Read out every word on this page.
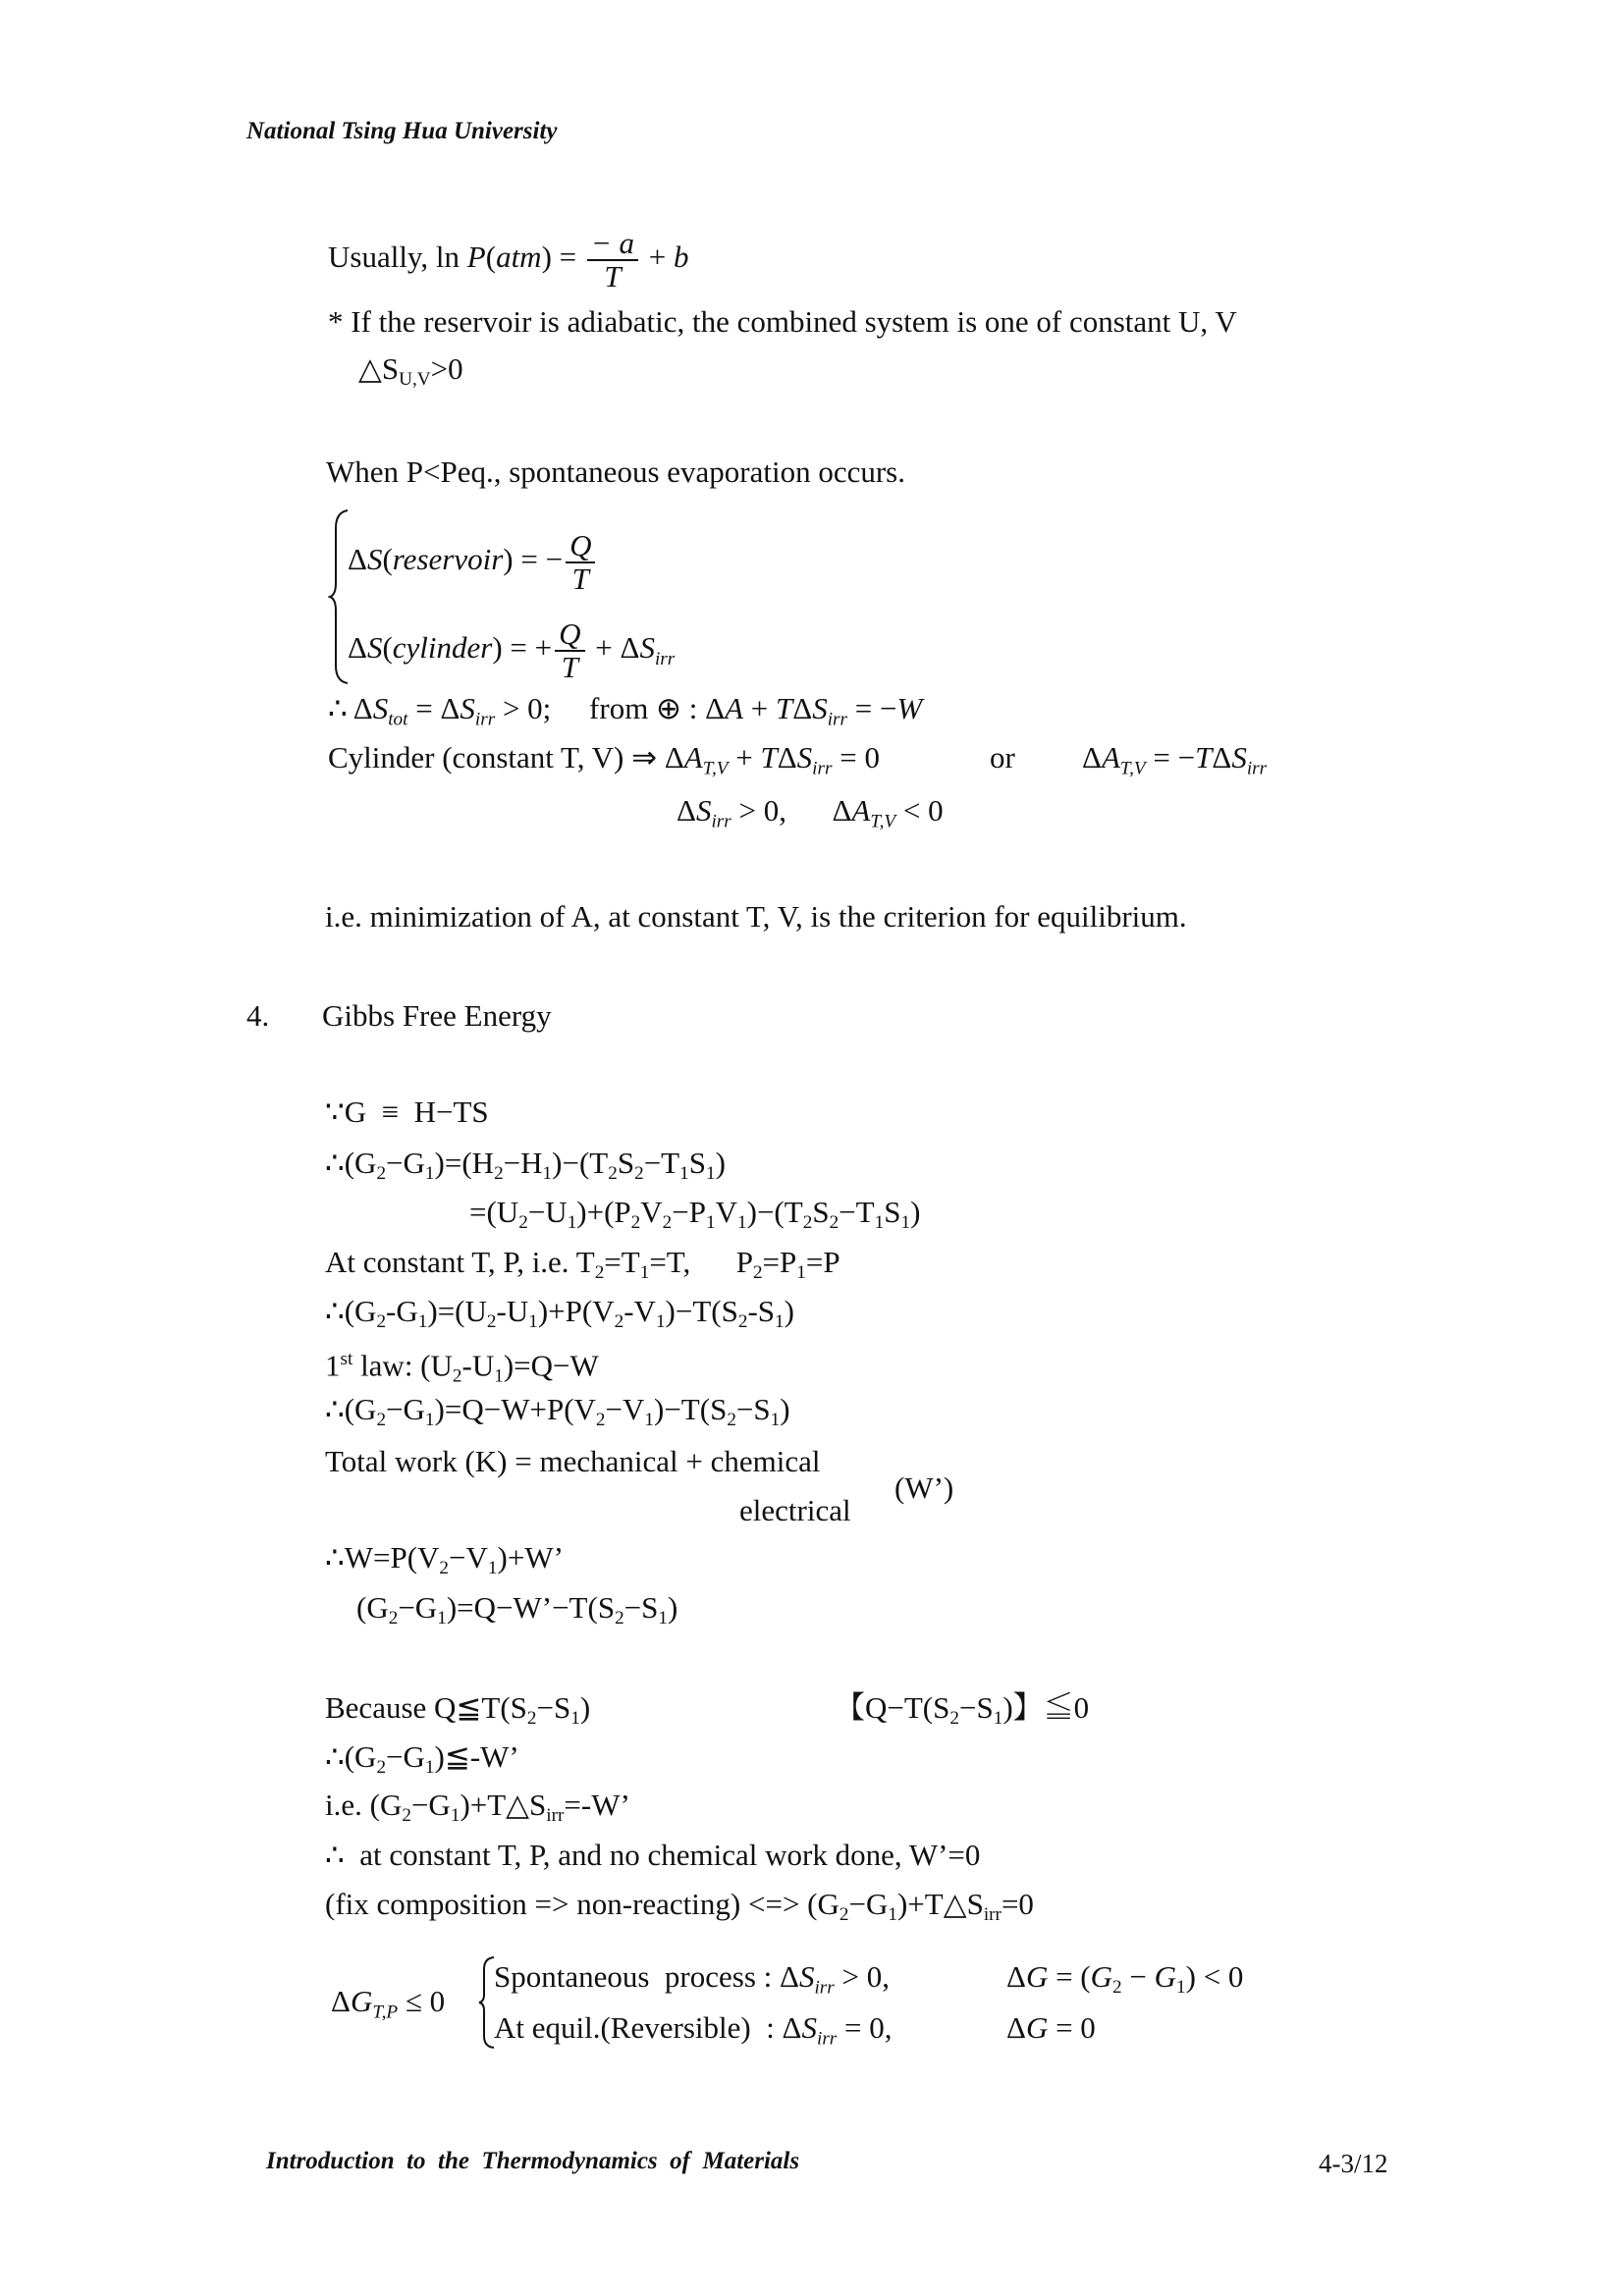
National Tsing Hua University
Usually, $\ln P(atm) = \frac{- a}{T} + b$
* If the reservoir is adiabatic, the combined system is one of constant U, V
$\triangle S_{U,V}>0$
When P<Peq., spontaneous evaporation occurs.
ΔS(reservoir) = − $\frac{Q}{T}$
ΔS(cylinder) = + $\frac{Q}{T} + \Delta S_{irr}$
∴ $\Delta S_{tot} = \Delta S_{irr} > 0$;     from ⊕ : $\Delta A + T\Delta S_{irr} = -W$
Cylinder (constant T, V) ⇒ $\Delta A_{T,V} + T\Delta S_{irr} = 0$	or $\Delta A_{T,V} = -T\Delta S_{irr}$
$\Delta S_{irr} > 0$,      $\Delta A_{T,V} < 0$
i.e. minimization of A, at constant T, V, is the criterion for equilibrium.
4. Gibbs Free Energy
∵G  ≡  H−TS
$\therefore(G_2-G_1)=(H_2-H_1)-(T_2S_2-T_1S_1)$
$=(U_2-U_1)+(P_2V_2-P_1V_1)-(T_2S_2-T_1S_1)$
At constant T, P, i.e. $T_2=T_1=T$,      $P_2=P_1=P$
$\therefore(G_2-G_1)=(U_2-U_1)+P(V_2-V_1)-T(S_2-S_1)$
1st law: $(U_2-U_1)=Q-W$
$\therefore(G_2-G_1)=Q-W+P(V_2-V_1)-T(S_2-S_1)$
Total work (K) = mechanical + chemical
electrical
(W’)
$\therefore W=P(V_2-V_1)+W$’
$(G_2-G_1)=Q-W’-T(S_2-S_1)$
Because $Q≦T(S_2-S_1)$	【$Q-T(S_2-S_1)$】≦0
$\therefore(G_2-G_1)≦-W$’
i.e. $(G_2-G_1)+T\triangle S_{irr}=-W$’
∴  at constant T, P, and no chemical work done, W’=0
(fix composition => non-reacting) <=> $(G_2-G_1)+T\triangle S_{irr}=0$
$\Delta G_{T,P} \le 0$
Spontaneous  process : $\Delta S_{irr} > 0$,	$\Delta G = (G_2 - G_1) < 0$
At equil.(Reversible)  : $\Delta S_{irr} = 0$,	ΔG = 0
Introduction  to  the  Thermodynamics  of  Materials	4-3/12
